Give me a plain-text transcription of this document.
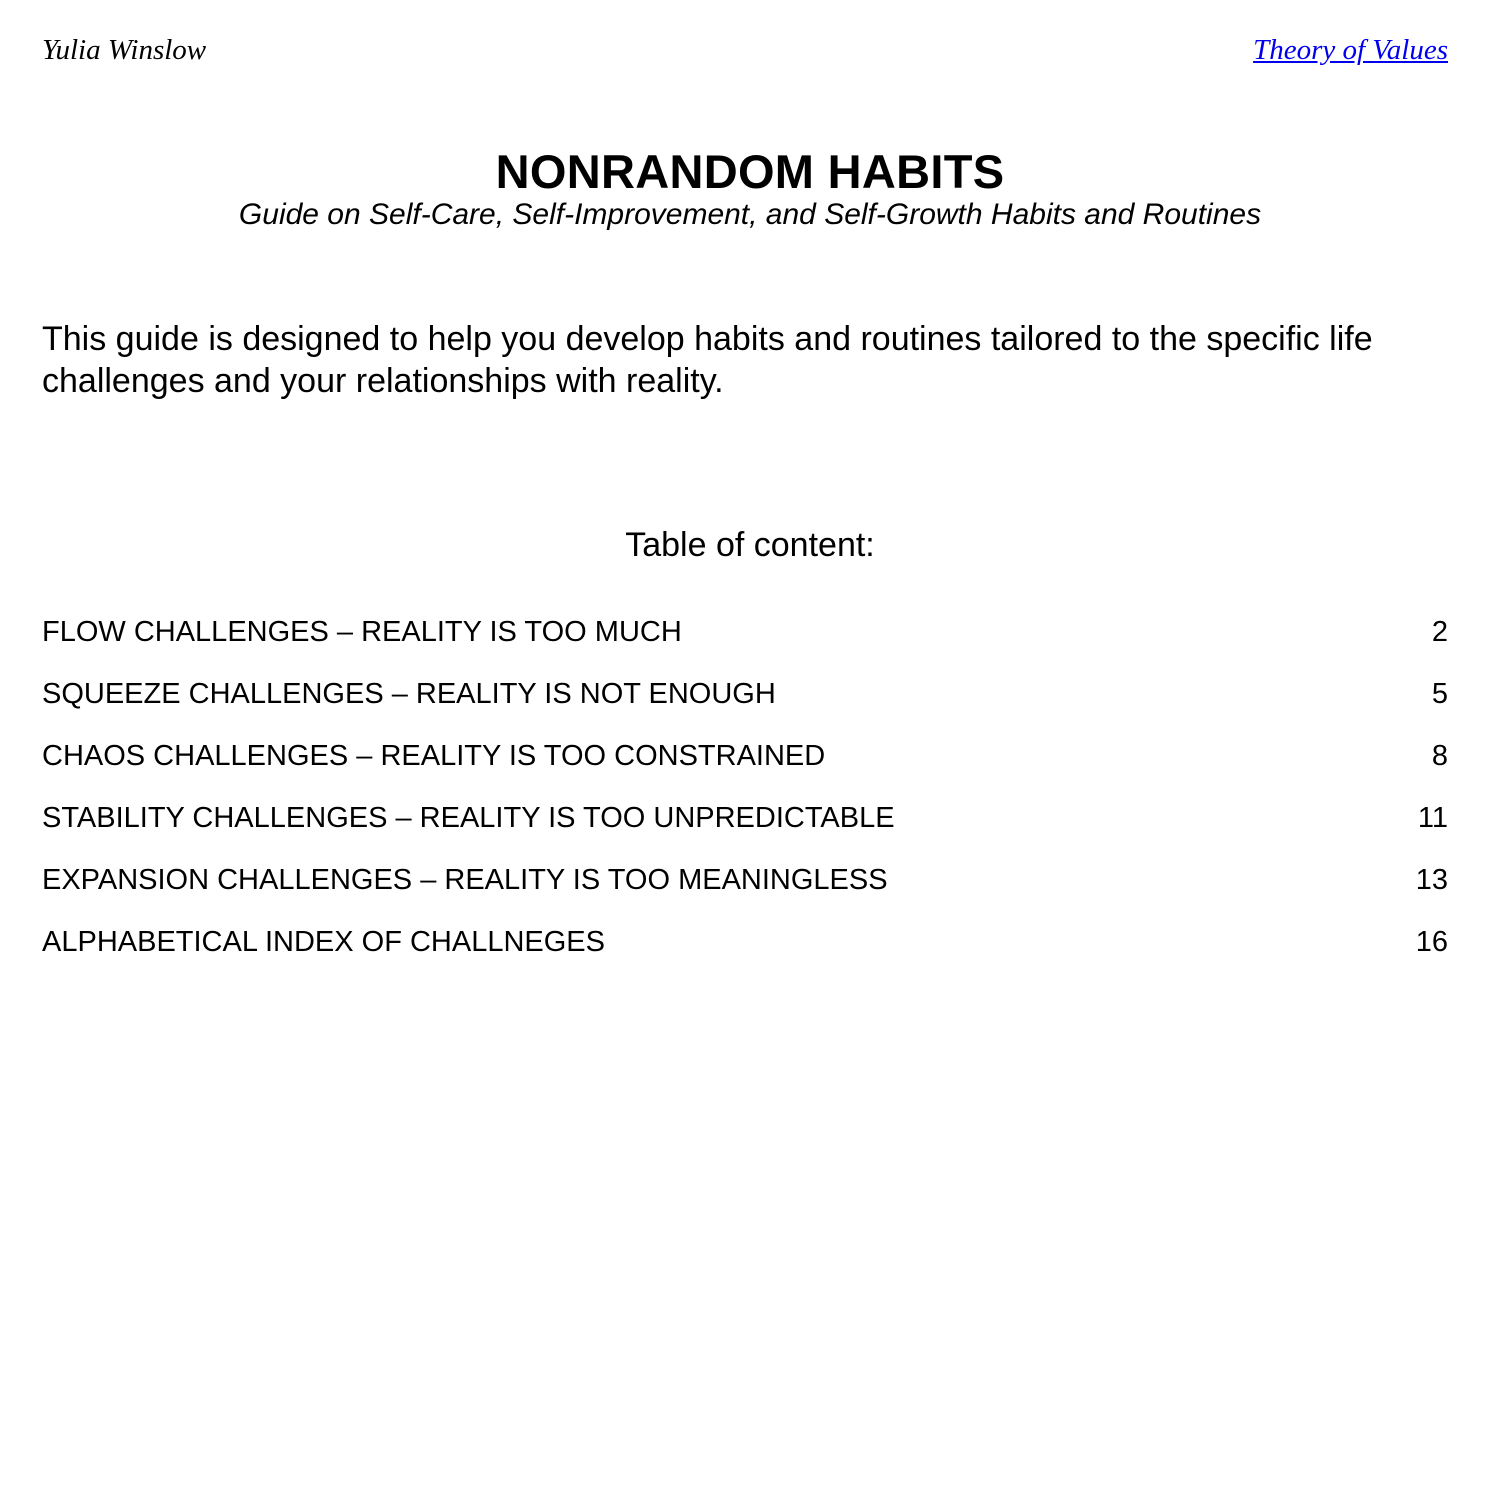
Yulia Winslow	Theory of Values
NONRANDOM HABITS
Guide on Self-Care, Self-Improvement, and Self-Growth Habits and Routines

This guide is designed to help you develop habits and routines tailored to the specific life challenges and your relationships with reality.

Table of content:
FLOW CHALLENGES – REALITY IS TOO MUCH	2
SQUEEZE CHALLENGES – REALITY IS NOT ENOUGH	5
CHAOS CHALLENGES – REALITY IS TOO CONSTRAINED	8
STABILITY CHALLENGES – REALITY IS TOO UNPREDICTABLE	11
EXPANSION CHALLENGES – REALITY IS TOO MEANINGLESS	13
ALPHABETICAL INDEX OF CHALLNEGES	16
